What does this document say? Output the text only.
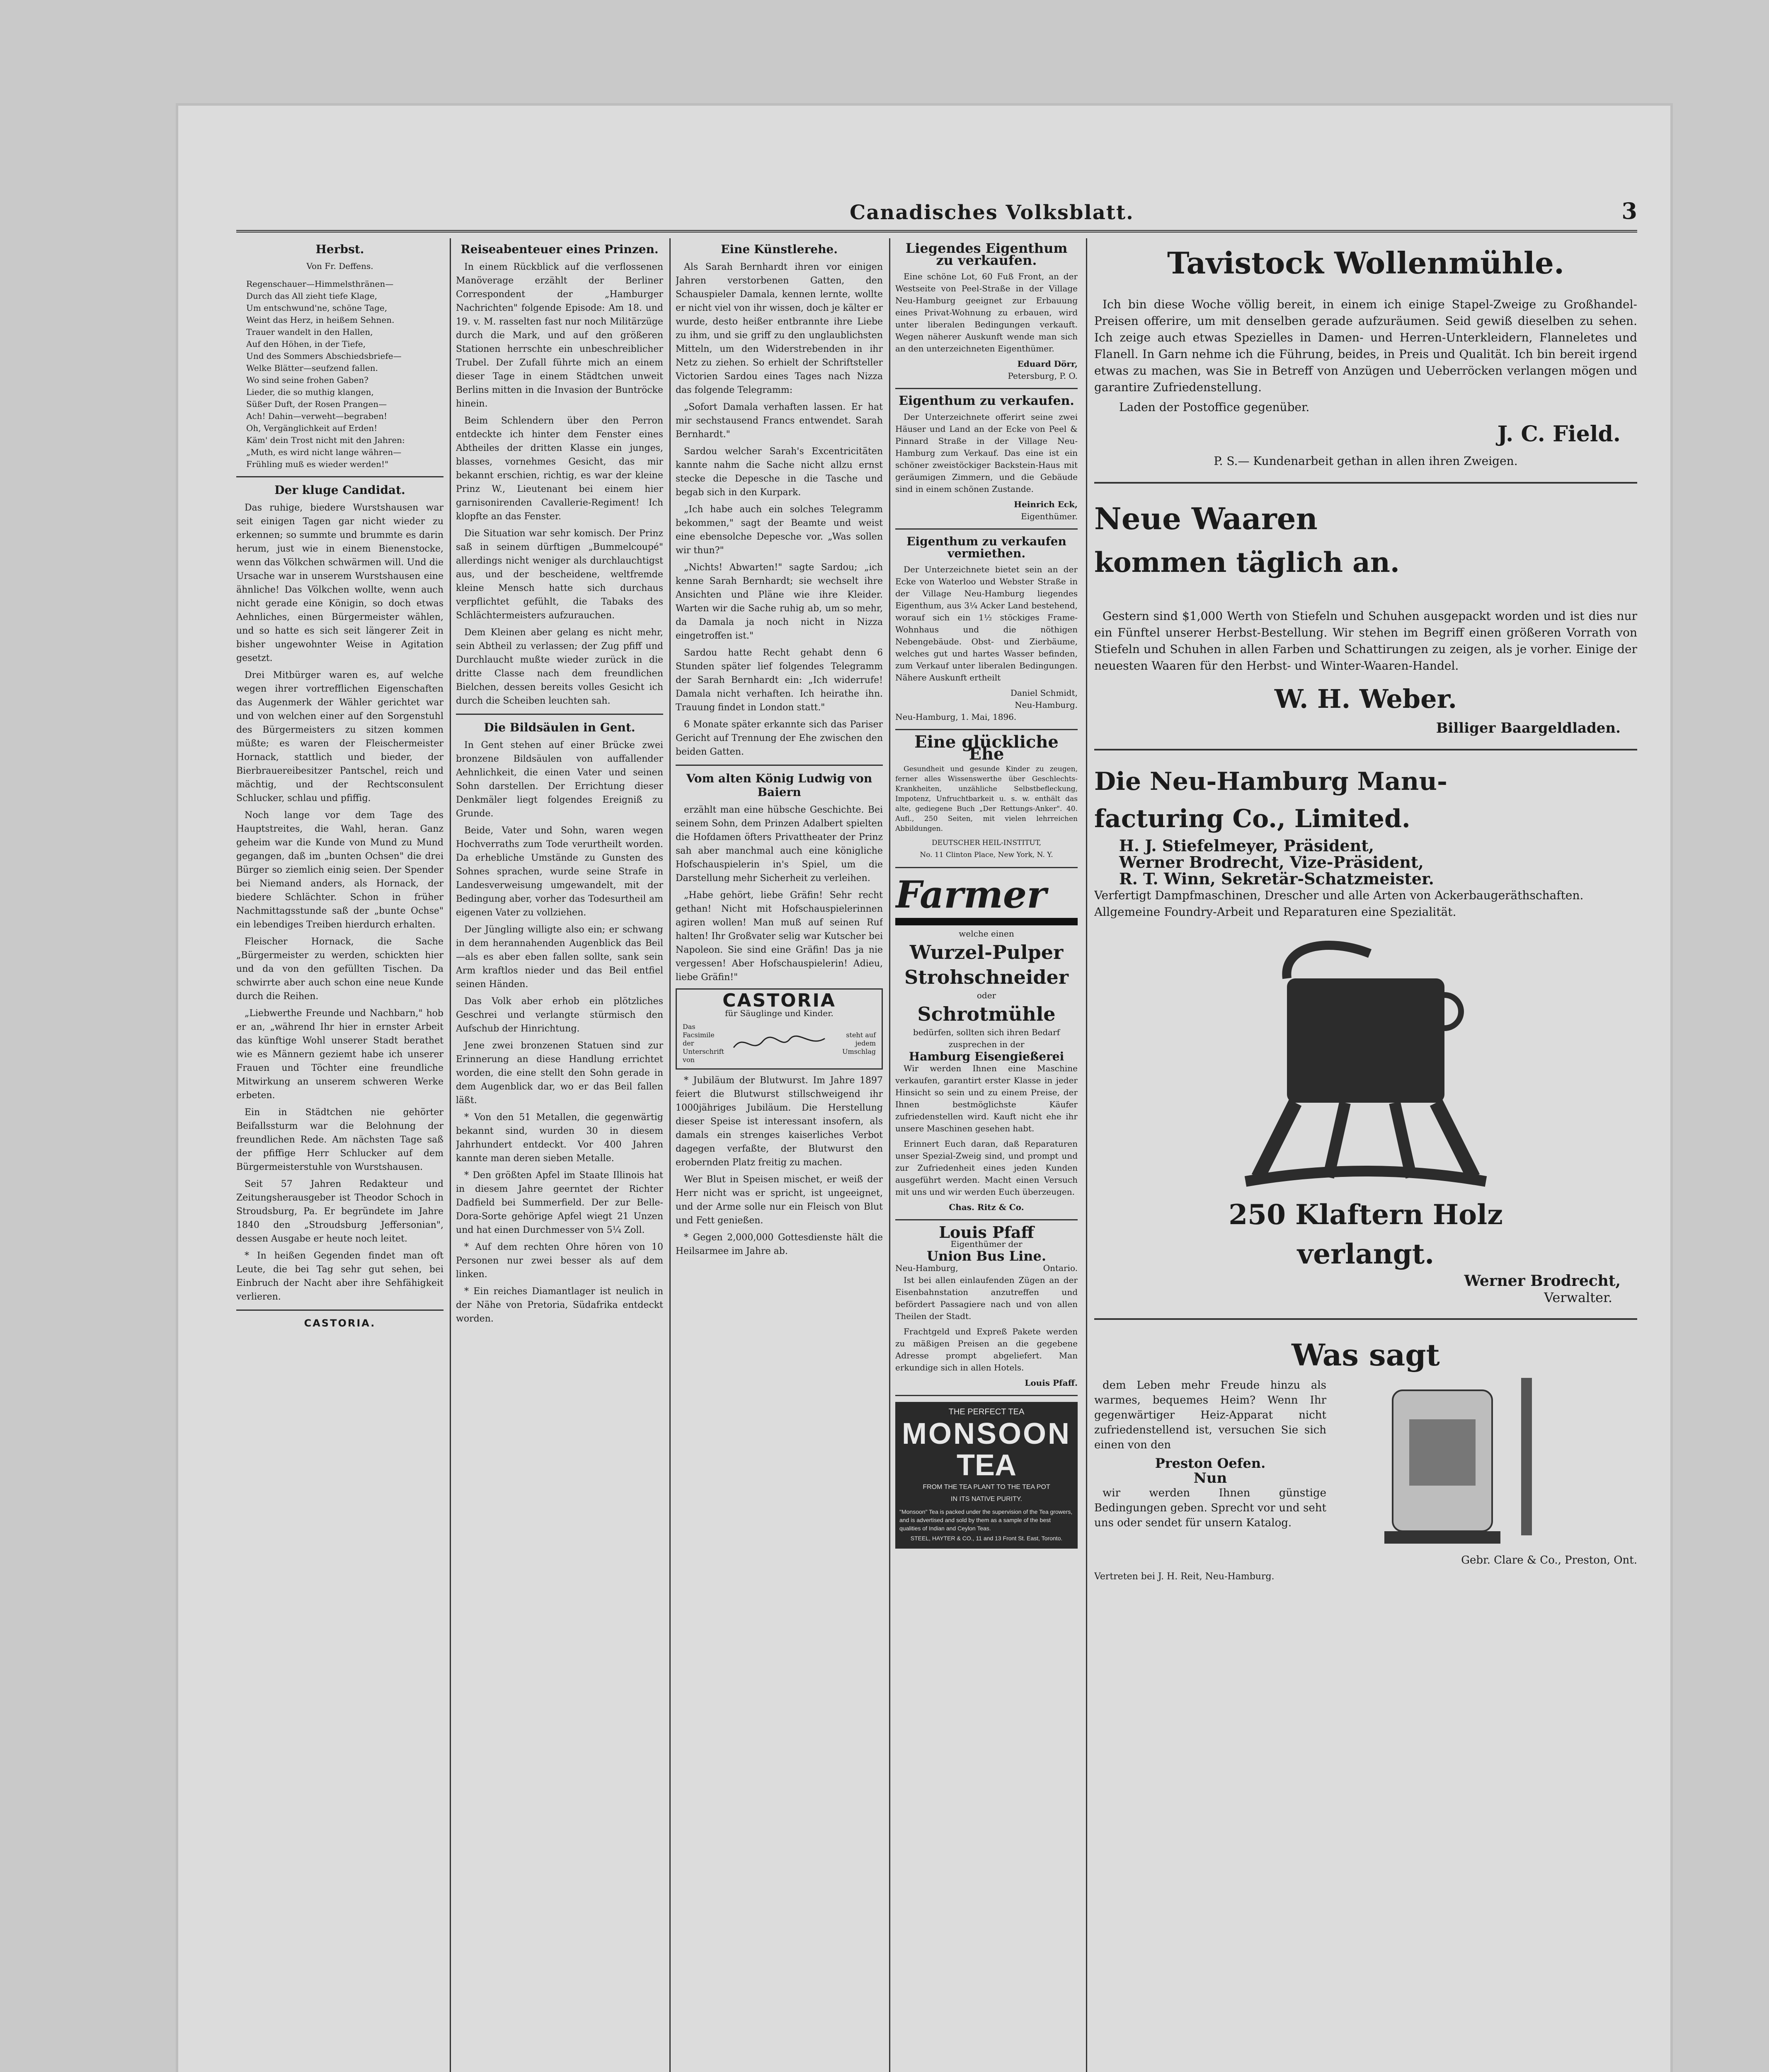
Canadisches Volksblatt.	3
Herbst.
Von Fr. Deffens.

Regenschauer—Himmelsthränen—

Durch das All zieht tiefe Klage,

Um entschwund'ne, schöne Tage,

Weint das Herz, in heißem Sehnen.

Trauer wandelt in den Hallen,

Auf den Höhen, in der Tiefe,

Und des Sommers Abschiedsbriefe—

Welke Blätter—seufzend fallen.

Wo sind seine frohen Gaben?

Lieder, die so muthig klangen,

Süßer Duft, der Rosen Prangen—

Ach! Dahin—verweht—begraben!

Oh, Vergänglichkeit auf Erden!

Käm' dein Trost nicht mit den Jahren:

„Muth, es wird nicht lange währen—

Frühling muß es wieder werden!"

Der kluge Candidat.

Das ruhige, biedere Wurstshausen war seit einigen Tagen gar nicht wieder zu erkennen; so summte und brummte es darin herum, just wie in einem Bienenstocke, wenn das Völkchen schwärmen will. Und die Ursache war in unserem Wurstshausen eine ähnliche! Das Völkchen wollte, wenn auch nicht gerade eine Königin, so doch etwas Aehnliches, einen Bürgermeister wählen, und so hatte es sich seit längerer Zeit in bisher ungewohnter Weise in Agitation gesetzt.

Drei Mitbürger waren es, auf welche wegen ihrer vortrefflichen Eigenschaften das Augenmerk der Wähler gerichtet war und von welchen einer auf den Sorgenstuhl des Bürgermeisters zu sitzen kommen müßte; es waren der Fleischermeister Hornack, stattlich und bieder, der Bierbrauereibesitzer Pantschel, reich und mächtig, und der Rechtsconsulent Schlucker, schlau und pfiffig.

Noch lange vor dem Tage des Hauptstreites, die Wahl, heran. Ganz geheim war die Kunde von Mund zu Mund gegangen, daß im „bunten Ochsen" die drei Bürger so ziemlich einig seien. Der Spender bei Niemand anders, als Hornack, der biedere Schlächter. Schon in früher Nachmittagsstunde saß der „bunte Ochse" ein lebendiges Treiben hierdurch erhalten.

Fleischer Hornack, die Sache „Bürgermeister zu werden, schickten hier und da von den gefüllten Tischen. Da schwirrte aber auch schon eine neue Kunde durch die Reihen.

„Liebwerthe Freunde und Nachbarn," hob er an, „während Ihr hier in ernster Arbeit das künftige Wohl unserer Stadt berathet wie es Männern geziemt habe ich unserer Frauen und Töchter eine freundliche Mitwirkung an unserem schweren Werke erbeten.

Ein in Städtchen nie gehörter Beifallssturm war die Belohnung der freundlichen Rede. Am nächsten Tage saß der pfiffige Herr Schlucker auf dem Bürgermeisterstuhle von Wurstshausen.

Seit 57 Jahren Redakteur und Zeitungsherausgeber ist Theodor Schoch in Stroudsburg, Pa. Er begründete im Jahre 1840 den „Stroudsburg Jeffersonian", dessen Ausgabe er heute noch leitet.

* In heißen Gegenden findet man oft Leute, die bei Tag sehr gut sehen, bei Einbruch der Nacht aber ihre Sehfähigkeit verlieren.

CASTORIA.
Reiseabenteuer eines Prinzen.

In einem Rückblick auf die verflossenen Manöverage erzählt der Berliner Correspondent der „Hamburger Nachrichten" folgende Episode: Am 18. und 19. v. M. rasselten fast nur noch Militärzüge durch die Mark, und auf den größeren Stationen herrschte ein unbeschreiblicher Trubel. Der Zufall führte mich an einem dieser Tage in einem Städtchen unweit Berlins mitten in die Invasion der Buntröcke hinein.

Beim Schlendern über den Perron entdeckte ich hinter dem Fenster eines Abtheiles der dritten Klasse ein junges, blasses, vornehmes Gesicht, das mir bekannt erschien, richtig, es war der kleine Prinz W., Lieutenant bei einem hier garnisonirenden Cavallerie-Regiment! Ich klopfte an das Fenster.

Die Situation war sehr komisch. Der Prinz saß in seinem dürftigen „Bummelcoupé" allerdings nicht weniger als durchlauchtigst aus, und der bescheidene, weltfremde kleine Mensch hatte sich durchaus verpflichtet gefühlt, die Tabaks des Schlächtermeisters aufzurauchen.

Dem Kleinen aber gelang es nicht mehr, sein Abtheil zu verlassen; der Zug pfiff und Durchlaucht mußte wieder zurück in die dritte Classe nach dem freundlichen Bielchen, dessen bereits volles Gesicht ich durch die Scheiben leuchten sah.

Die Bildsäulen in Gent.

In Gent stehen auf einer Brücke zwei bronzene Bildsäulen von auffallender Aehnlichkeit, die einen Vater und seinen Sohn darstellen. Der Errichtung dieser Denkmäler liegt folgendes Ereigniß zu Grunde.

Beide, Vater und Sohn, waren wegen Hochverraths zum Tode verurtheilt worden. Da erhebliche Umstände zu Gunsten des Sohnes sprachen, wurde seine Strafe in Landesverweisung umgewandelt, mit der Bedingung aber, vorher das Todesurtheil am eigenen Vater zu vollziehen.

Der Jüngling willigte also ein; er schwang in dem herannahenden Augenblick das Beil—als es aber eben fallen sollte, sank sein Arm kraftlos nieder und das Beil entfiel seinen Händen.

Das Volk aber erhob ein plötzliches Geschrei und verlangte stürmisch den Aufschub der Hinrichtung.

Jene zwei bronzenen Statuen sind zur Erinnerung an diese Handlung errichtet worden, die eine stellt den Sohn gerade in dem Augenblick dar, wo er das Beil fallen läßt.

* Von den 51 Metallen, die gegenwärtig bekannt sind, wurden 30 in diesem Jahrhundert entdeckt. Vor 400 Jahren kannte man deren sieben Metalle.

* Den größten Apfel im Staate Illinois hat in diesem Jahre geerntet der Richter Dadfield bei Summerfield. Der zur Belle-Dora-Sorte gehörige Apfel wiegt 21 Unzen und hat einen Durchmesser von 5¼ Zoll.

* Auf dem rechten Ohre hören von 10 Personen nur zwei besser als auf dem linken.

* Ein reiches Diamantlager ist neulich in der Nähe von Pretoria, Südafrika entdeckt worden.

Eine Künstlerehe.

Als Sarah Bernhardt ihren vor einigen Jahren verstorbenen Gatten, den Schauspieler Damala, kennen lernte, wollte er nicht viel von ihr wissen, doch je kälter er wurde, desto heißer entbrannte ihre Liebe zu ihm, und sie griff zu den unglaublichsten Mitteln, um den Widerstrebenden in ihr Netz zu ziehen. So erhielt der Schriftsteller Victorien Sardou eines Tages nach Nizza das folgende Telegramm:

„Sofort Damala verhaften lassen. Er hat mir sechstausend Francs entwendet. Sarah Bernhardt."

Sardou welcher Sarah's Excentricitäten kannte nahm die Sache nicht allzu ernst stecke die Depesche in die Tasche und begab sich in den Kurpark.

„Ich habe auch ein solches Telegramm bekommen," sagt der Beamte und weist eine ebensolche Depesche vor. „Was sollen wir thun?"

„Nichts! Abwarten!" sagte Sardou; „ich kenne Sarah Bernhardt; sie wechselt ihre Ansichten und Pläne wie ihre Kleider. Warten wir die Sache ruhig ab, um so mehr, da Damala ja noch nicht in Nizza eingetroffen ist."

Sardou hatte Recht gehabt denn 6 Stunden später lief folgendes Telegramm der Sarah Bernhardt ein: „Ich widerrufe! Damala nicht verhaften. Ich heirathe ihn. Trauung findet in London statt."

6 Monate später erkannte sich das Pariser Gericht auf Trennung der Ehe zwischen den beiden Gatten.

Vom alten König Ludwig von Baiern

erzählt man eine hübsche Geschichte. Bei seinem Sohn, dem Prinzen Adalbert spielten die Hofdamen öfters Privattheater der Prinz sah aber manchmal auch eine königliche Hofschauspielerin in's Spiel, um die Darstellung mehr Sicherheit zu verleihen.

„Habe gehört, liebe Gräfin! Sehr recht gethan! Nicht mit Hofschauspielerinnen agiren wollen! Man muß auf seinen Ruf halten! Ihr Großvater selig war Kutscher bei Napoleon. Sie sind eine Gräfin! Das ja nie vergessen! Aber Hofschauspielerin! Adieu, liebe Gräfin!"

CASTORIA
für Säuglinge und Kinder.
Das Facsimile der Unterschrift von
steht auf jedem Umschlag

* Jubiläum der Blutwurst. Im Jahre 1897 feiert die Blutwurst stillschweigend ihr 1000jähriges Jubiläum. Die Herstellung dieser Speise ist interessant insofern, als damals ein strenges kaiserliches Verbot dagegen verfaßte, der Blutwurst den erobernden Platz freitig zu machen.

Wer Blut in Speisen mischet, er weiß der Herr nicht was er spricht, ist ungeeignet, und der Arme solle nur ein Fleisch von Blut und Fett genießen.

* Gegen 2,000,000 Gottesdienste hält die Heilsarmee im Jahre ab.

Liegendes Eigenthum
zu verkaufen.

Eine schöne Lot, 60 Fuß Front, an der Westseite von Peel-Straße in der Village Neu-Hamburg geeignet zur Erbauung eines Privat-Wohnung zu erbauen, wird unter liberalen Bedingungen verkauft. Wegen näherer Auskunft wende man sich an den unterzeichneten Eigenthümer.

Eduard Dörr,
Petersburg, P. O.
Eigenthum zu verkaufen.

Der Unterzeichnete offerirt seine zwei Häuser und Land an der Ecke von Peel & Pinnard Straße in der Village Neu-Hamburg zum Verkauf. Das eine ist ein schöner zweistöckiger Backstein-Haus mit geräumigen Zimmern, und die Gebäude sind in einem schönen Zustande.

Heinrich Eck,
Eigenthümer.
Eigenthum zu verkaufen
vermiethen.

Der Unterzeichnete bietet sein an der Ecke von Waterloo und Webster Straße in der Village Neu-Hamburg liegendes Eigenthum, aus 3¼ Acker Land bestehend, worauf sich ein 1½ stöckiges Frame-Wohnhaus und die nöthigen Nebengebäude. Obst- und Zierbäume, welches gut und hartes Wasser befinden, zum Verkauf unter liberalen Bedingungen. Nähere Auskunft ertheilt

Daniel Schmidt,
Neu-Hamburg.
Neu-Hamburg, 1. Mai, 1896.
Eine glückliche Ehe

Gesundheit und gesunde Kinder zu zeugen, ferner alles Wissenswerthe über Geschlechts-Krankheiten, unzähliche Selbstbefleckung, Impotenz, Unfruchtbarkeit u. s. w. enthält das alte, gediegene Buch „Der Rettungs-Anker". 40. Aufl., 250 Seiten, mit vielen lehrreichen Abbildungen.

DEUTSCHER HEIL-INSTITUT,
No. 11 Clinton Place, New York, N. Y.
Farmer
welche einen
Wurzel-Pulper
Strohschneider
oder
Schrotmühle
bedürfen, sollten sich ihren Bedarf zusprechen in der
Hamburg Eisengießerei

Wir werden Ihnen eine Maschine verkaufen, garantirt erster Klasse in jeder Hinsicht so sein und zu einem Preise, der Ihnen bestmöglichste Käufer zufriedenstellen wird. Kauft nicht ehe ihr unsere Maschinen gesehen habt.

Erinnert Euch daran, daß Reparaturen unser Spezial-Zweig sind, und prompt und zur Zufriedenheit eines jeden Kunden ausgeführt werden. Macht einen Versuch mit uns und wir werden Euch überzeugen.

Chas. Ritz & Co.
Louis Pfaff
Eigenthümer der
Union Bus Line.
Neu-Hamburg,	Ontario.

Ist bei allen einlaufenden Zügen an der Eisenbahnstation anzutreffen und befördert Passagiere nach und von allen Theilen der Stadt.

Frachtgeld und Expreß Pakete werden zu mäßigen Preisen an die gegebene Adresse prompt abgeliefert. Man erkundige sich in allen Hotels.

Louis Pfaff.
THE PERFECT TEA
MONSOON
TEA
FROM THE TEA PLANT TO THE TEA POT
IN ITS NATIVE PURITY.
"Monsoon" Tea is packed under the supervision of the Tea growers, and is advertised and sold by them as a sample of the best qualities of Indian and Ceylon Teas.
STEEL, HAYTER & CO., 11 and 13 Front St. East, Toronto.
Tavistock Wollenmühle.

Ich bin diese Woche völlig bereit, in einem ich einige Stapel-Zweige zu Großhandel-Preisen offerire, um mit denselben gerade aufzuräumen. Seid gewiß dieselben zu sehen. Ich zeige auch etwas Spezielles in Damen- und Herren-Unterkleidern, Flanneletes und Flanell. In Garn nehme ich die Führung, beides, in Preis und Qualität. Ich bin bereit irgend etwas zu machen, was Sie in Betreff von Anzügen und Ueberröcken verlangen mögen und garantire Zufriedenstellung.

Laden der Postoffice gegenüber.
J. C. Field.
P. S.— Kundenarbeit gethan in allen ihren Zweigen.
Neue Waaren
kommen täglich an.

Gestern sind $1,000 Werth von Stiefeln und Schuhen ausgepackt worden und ist dies nur ein Fünftel unserer Herbst-Bestellung. Wir stehen im Begriff einen größeren Vorrath von Stiefeln und Schuhen in allen Farben und Schattirungen zu zeigen, als je vorher. Einige der neuesten Waaren für den Herbst- und Winter-Waaren-Handel.

W. H. Weber.
Billiger Baargeldladen.
Die Neu-Hamburg Manu-
facturing Co., Limited.
H. J. Stiefelmeyer, Präsident,
Werner Brodrecht, Vize-Präsident,
R. T. Winn, Sekretär-Schatzmeister.
Verfertigt Dampfmaschinen, Drescher und alle Arten von Ackerbaugeräthschaften.
Allgemeine Foundry-Arbeit und Reparaturen eine Spezialität.
250 Klaftern Holz
verlangt.
Werner Brodrecht,
Verwalter.
Was sagt

dem Leben mehr Freude hinzu als warmes, bequemes Heim? Wenn Ihr gegenwärtiger Heiz-Apparat nicht zufriedenstellend ist, versuchen Sie sich einen von den

Preston Oefen.
Nun

wir werden Ihnen günstige Bedingungen geben. Sprecht vor und seht uns oder sendet für unsern Katalog.

Gebr. Clare & Co., Preston, Ont.
Vertreten bei J. H. Reit, Neu-Hamburg.
